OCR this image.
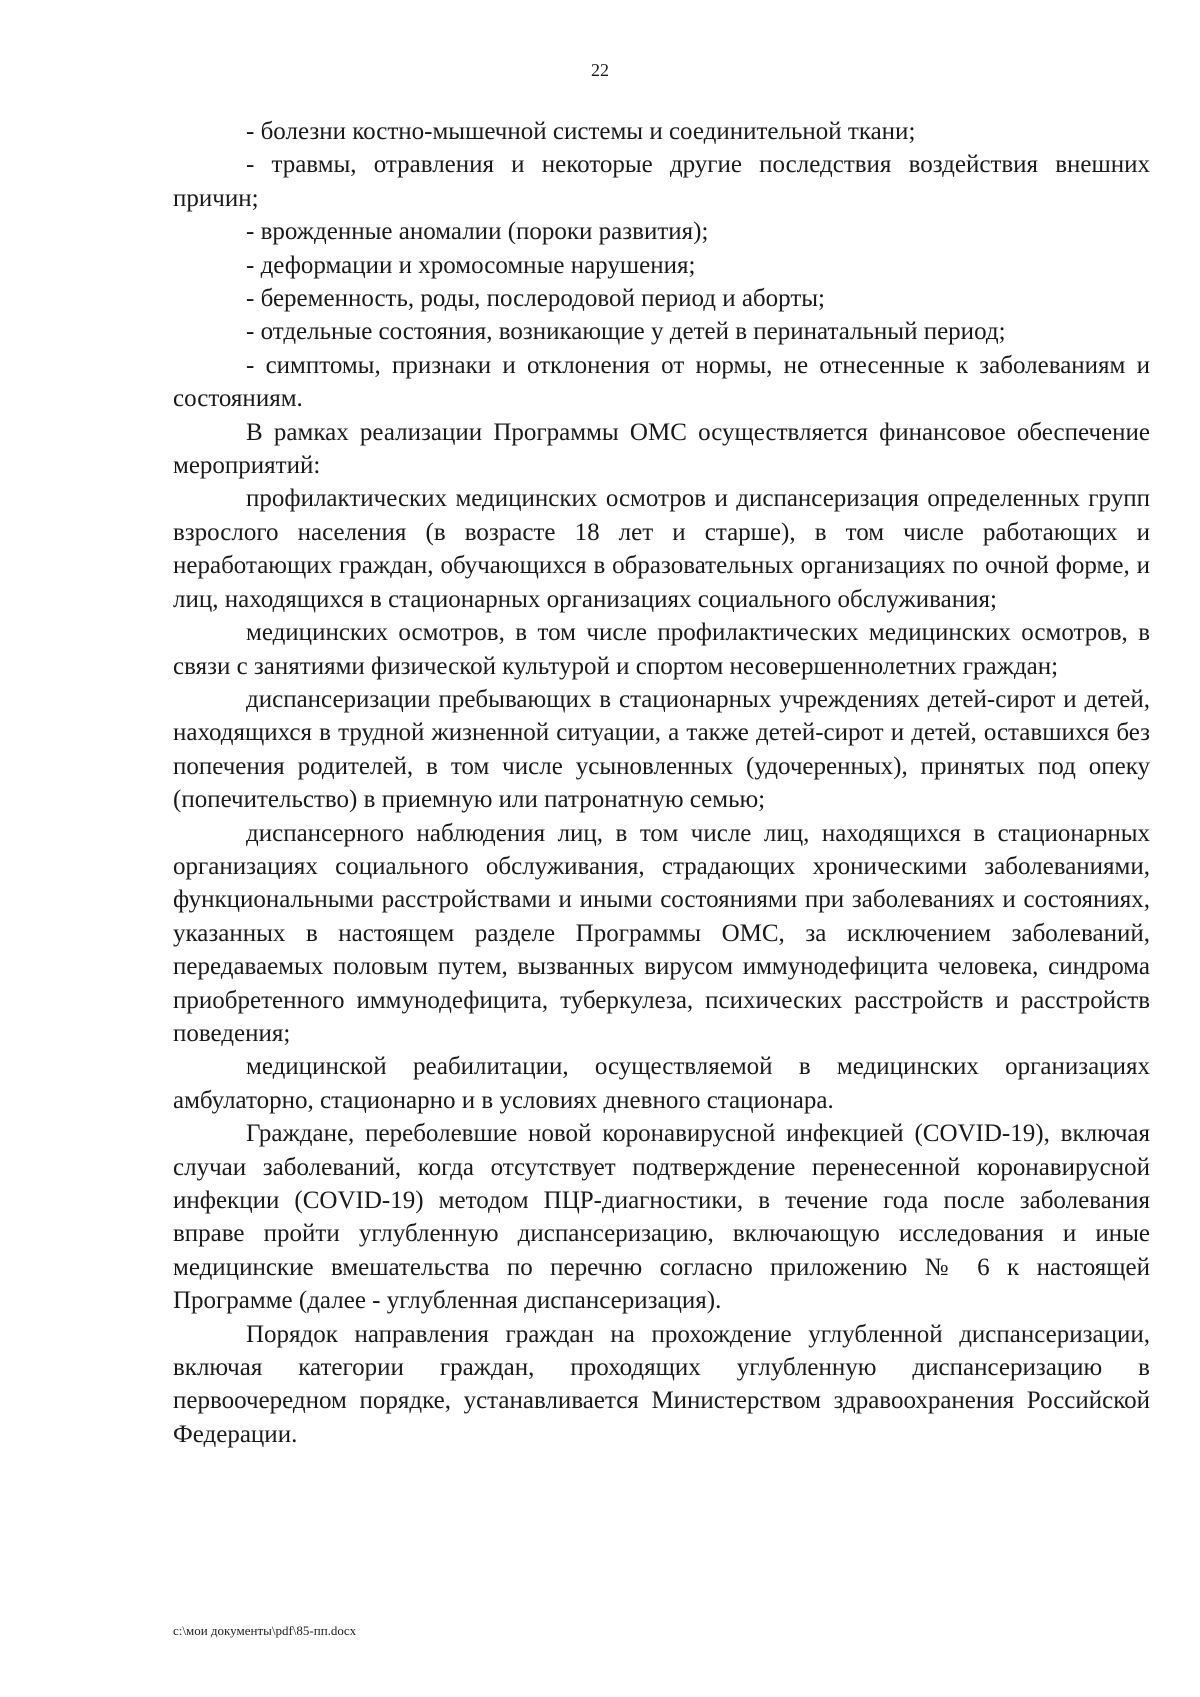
22

- болезни костно-мышечной системы и соединительной ткани;

- травмы, отравления и некоторые другие последствия воздействия внешних причин;

- врожденные аномалии (пороки развития);

- деформации и хромосомные нарушения;

- беременность, роды, послеродовой период и аборты;

- отдельные состояния, возникающие у детей в перинатальный период;

- симптомы, признаки и отклонения от нормы, не отнесенные к заболеваниям и состояниям.

В рамках реализации Программы ОМС осуществляется финансовое обеспечение мероприятий:

профилактических медицинских осмотров и диспансеризация определенных групп взрослого населения (в возрасте 18 лет и старше), в том числе работающих и неработающих граждан, обучающихся в образовательных организациях по очной форме, и лиц, находящихся в стационарных организациях социального обслуживания;

медицинских осмотров, в том числе профилактических медицинских осмотров, в связи с занятиями физической культурой и спортом несовершеннолетних граждан;

диспансеризации пребывающих в стационарных учреждениях детей-сирот и детей, находящихся в трудной жизненной ситуации, а также детей-сирот и детей, оставшихся без попечения родителей, в том числе усыновленных (удочеренных), принятых под опеку (попечительство) в приемную или патронатную семью;

диспансерного наблюдения лиц, в том числе лиц, находящихся в стационарных организациях социального обслуживания, страдающих хроническими заболеваниями, функциональными расстройствами и иными состояниями при заболеваниях и состояниях, указанных в настоящем разделе Программы ОМС, за исключением заболеваний, передаваемых половым путем, вызванных вирусом иммунодефицита человека, синдрома приобретенного иммунодефицита, туберкулеза, психических расстройств и расстройств поведения;

медицинской реабилитации, осуществляемой в медицинских организациях амбулаторно, стационарно и в условиях дневного стационара.

Граждане, переболевшие новой коронавирусной инфекцией (COVID-19), включая случаи заболеваний, когда отсутствует подтверждение перенесенной коронавирусной инфекции (COVID-19) методом ПЦР-диагностики, в течение года после заболевания вправе пройти углубленную диспансеризацию, включающую исследования и иные медицинские вмешательства по перечню согласно приложению № 6 к настоящей Программе (далее - углубленная диспансеризация).

Порядок направления граждан на прохождение углубленной диспансеризации, включая категории граждан, проходящих углубленную диспансеризацию в первоочередном порядке, устанавливается Министерством здравоохранения Российской Федерации.

c:\мои документы\pdf\85-пп.docx
